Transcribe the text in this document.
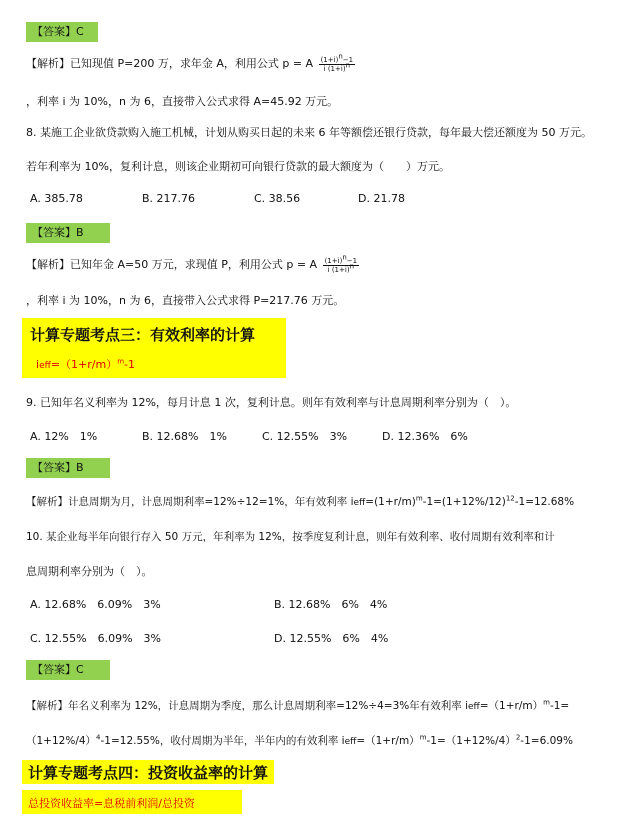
【答案】C
【解析】已知现值 P=200 万，求年金 A，利用公式 p = A $\frac{(1+i)^n-1}{i (1+i)^n}$
，利率 i 为 10%，n 为 6，直接带入公式求得 A=45.92 万元。
8. 某施工企业欲贷款购入施工机械，计划从购买日起的未来 6 年等额偿还银行贷款，每年最大偿还额度为 50 万元。
若年利率为 10%，复利计息，则该企业期初可向银行贷款的最大额度为（　　）万元。
A. 385.78	B. 217.76	C. 38.56	D. 21.78
【答案】B
【解析】已知年金 A=50 万元，求现值 P，利用公式 p = A $\frac{(1+i)^n-1}{i (1+i)^n}$
，利率 i 为 10%，n 为 6，直接带入公式求得 P=217.76 万元。
计算专题考点三：有效利率的计算
$ieff=(1+r/m)^m-1$
9. 已知年名义利率为 12%，每月计息 1 次，复利计息。则年有效利率与计息周期利率分别为（　）。
A. 12%　1%	B. 12.68%　1%	C. 12.55%　3%	D. 12.36%　6%
【答案】B
【解析】计息周期为月，计息周期利率=12%÷12=1%，年有效利率 $ieff=(1+r/m)^m-1=(1+12\%/12)^{12}-1=12.68\%$
10. 某企业每半年向银行存入 50 万元，年利率为 12%，按季度复利计息，则年有效利率、收付周期有效利率和计
息周期利率分别为（　）。
A. 12.68%　6.09%　3%	B. 12.68%　6%　4%
C. 12.55%　6.09%　3%	D. 12.55%　6%　4%
【答案】C
【解析】年名义利率为 12%，计息周期为季度，那么计息周期利率=12%÷4=3%年有效利率 $ieff=(1+r/m)^m-1=$
$(1+12\%/4)^4-1=12.55\%$，收付周期为半年，半年内的有效利率 $ieff=(1+r/m)^m-1=(1+12\%/4)^2-1=6.09\%$
计算专题考点四：投资收益率的计算
总投资收益率=息税前利润/总投资
